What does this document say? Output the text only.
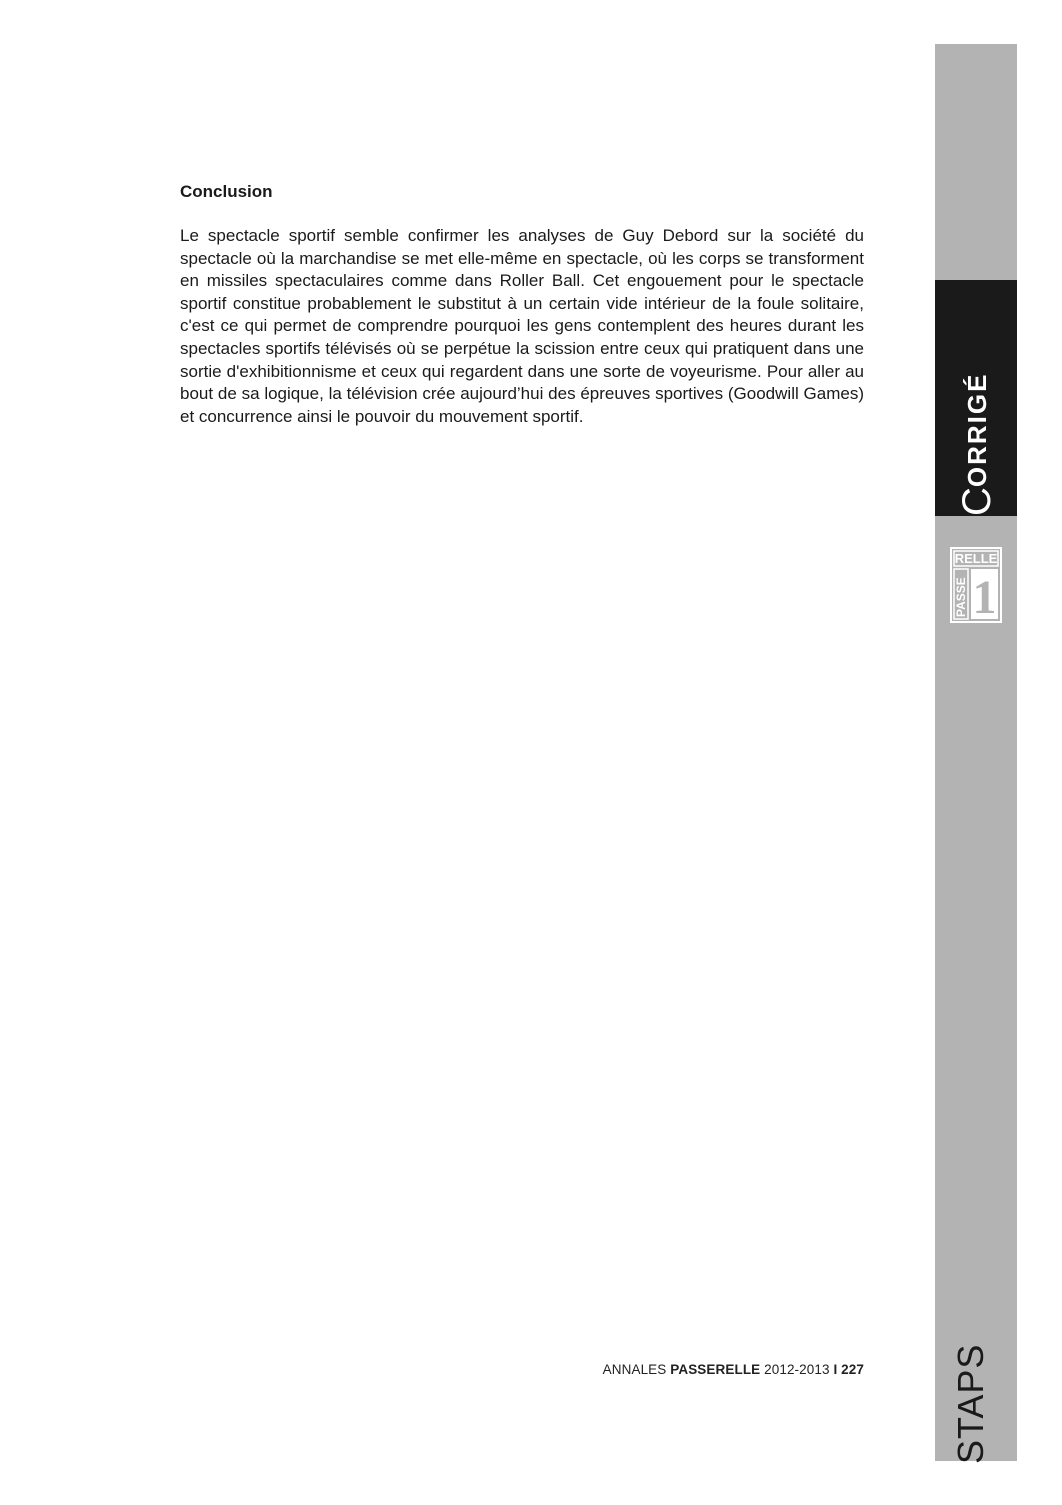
Conclusion

Le spectacle sportif semble confirmer les analyses de Guy Debord sur la société du spectacle où la marchandise se met elle-même en spectacle, où les corps se transforment en missiles spectaculaires comme dans Roller Ball. Cet engouement pour le spectacle sportif constitue probablement le substitut à un certain vide intérieur de la foule solitaire, c'est ce qui permet de comprendre pourquoi les gens contemplent des heures durant les spectacles sportifs télévisés où se perpétue la scission entre ceux qui pratiquent dans une sortie d'exhibitionnisme et ceux qui regardent dans une sorte de voyeurisme. Pour aller au bout de sa logique, la télévision crée aujourd’hui des épreuves sportives (Goodwill Games) et concurrence ainsi le pouvoir du mouvement sportif.

ANNALES PASSERELLE 2012-2013 I 227
CORRIGÉ
RELLE
PASSE 1
STAPS
